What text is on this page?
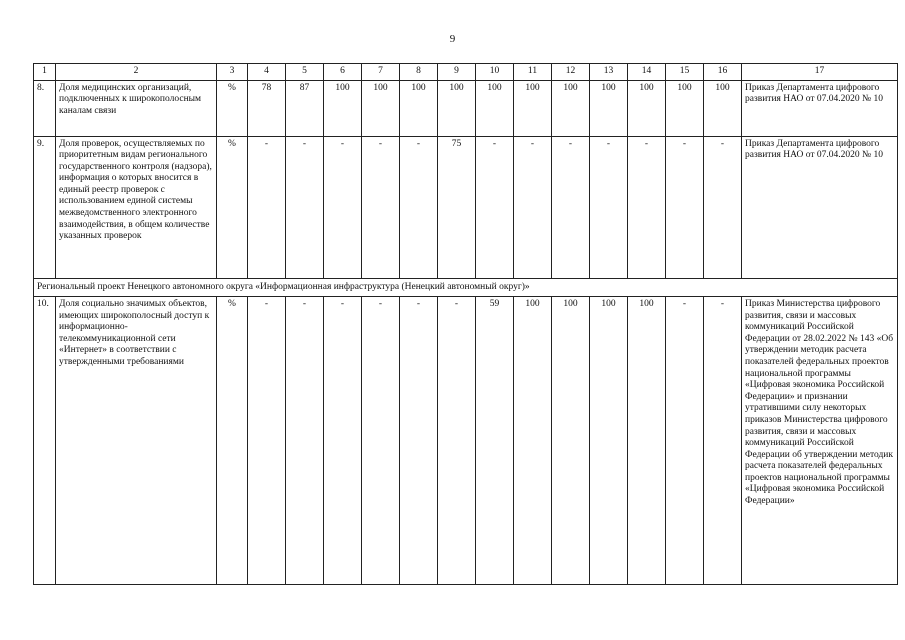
9
1	2	3	4	5	6	7	8	9	10	11	12	13	14	15	16	17
8.	Доля медицинских организаций, подключенных к широкополосным каналам связи	%	78	87	100	100	100	100	100	100	100	100	100	100	100	Приказ Департамента цифрового развития НАО от 07.04.2020 № 10
9.	Доля проверок, осуществляемых по приоритетным видам регионального государственного контроля (надзора), информация о которых вносится в единый реестр проверок с использованием единой системы межведомственного электронного взаимодействия, в общем количестве указанных проверок	%	-	-	-	-	-	75	-	-	-	-	-	-	-	Приказ Департамента цифрового развития НАО от 07.04.2020 № 10
Региональный проект Ненецкого автономного округа «Информационная инфраструктура (Ненецкий автономный округ)»																
10.	Доля социально значимых объектов, имеющих широкополосный доступ к информационно-телекоммуникационной сети «Интернет» в соответствии с утвержденными требованиями	%	-	-	-	-	-	-	59	100	100	100	100	-	-	Приказ Министерства цифрового развития, связи и массовых коммуникаций Российской Федерации от 28.02.2022 № 143 «Об утверждении методик расчета показателей федеральных проектов национальной программы «Цифровая экономика Российской Федерации» и признании утратившими силу некоторых приказов Министерства цифрового развития, связи и массовых коммуникаций Российской Федерации об утверждении методик расчета показателей федеральных проектов национальной программы «Цифровая экономика Российской Федерации»
